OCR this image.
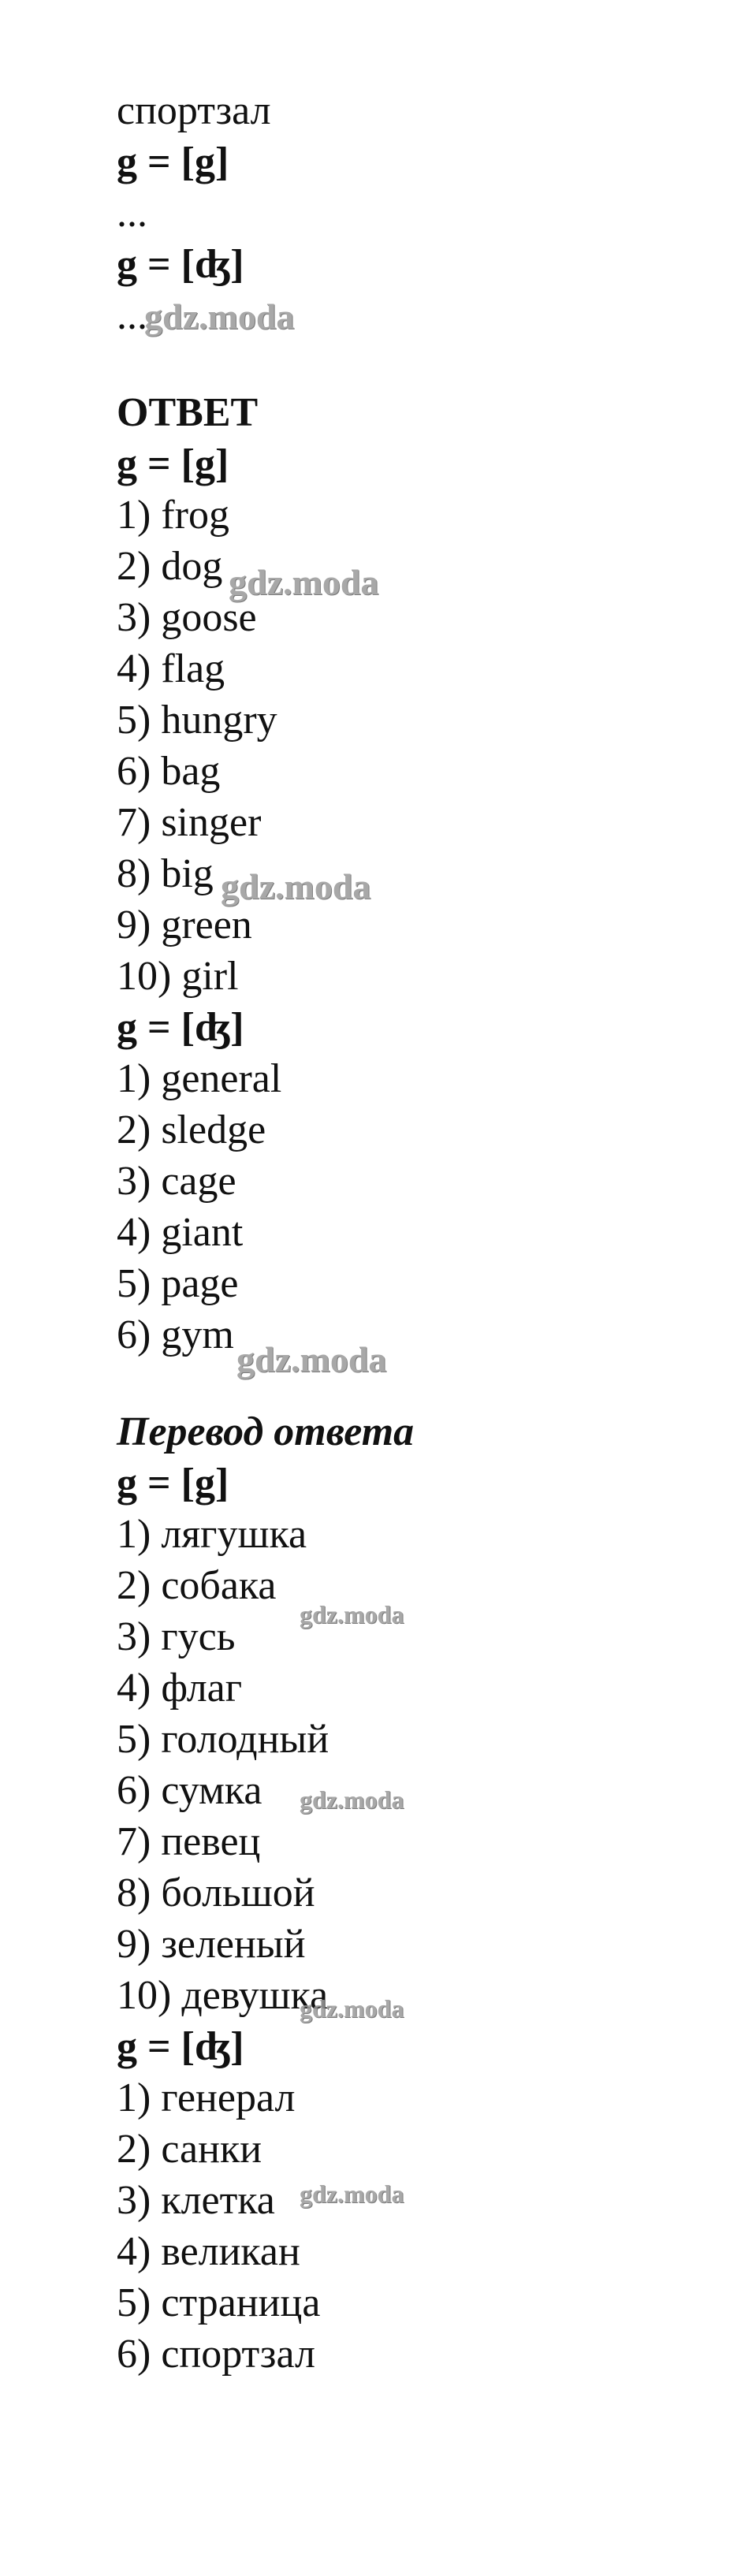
спортзал
g = [g]
...
g = [ʤ]
...
ОТВЕТ
g = [g]
1) frog
2) dog
3) goose
4) flag
5) hungry
6) bag
7) singer
8) big
9) green
10) girl
g = [ʤ]
1) general
2) sledge
3) cage
4) giant
5) page
6) gym
Перевод ответа
g = [g]
1) лягушка
2) собака
3) гусь
4) флаг
5) голодный
6) сумка
7) певец
8) большой
9) зеленый
10) девушка
g = [ʤ]
1) генерал
2) санки
3) клетка
4) великан
5) страница
6) спортзал
gdz.moda
gdz.moda
gdz.moda
gdz.moda
gdz.moda
gdz.moda
gdz.moda
gdz.moda
